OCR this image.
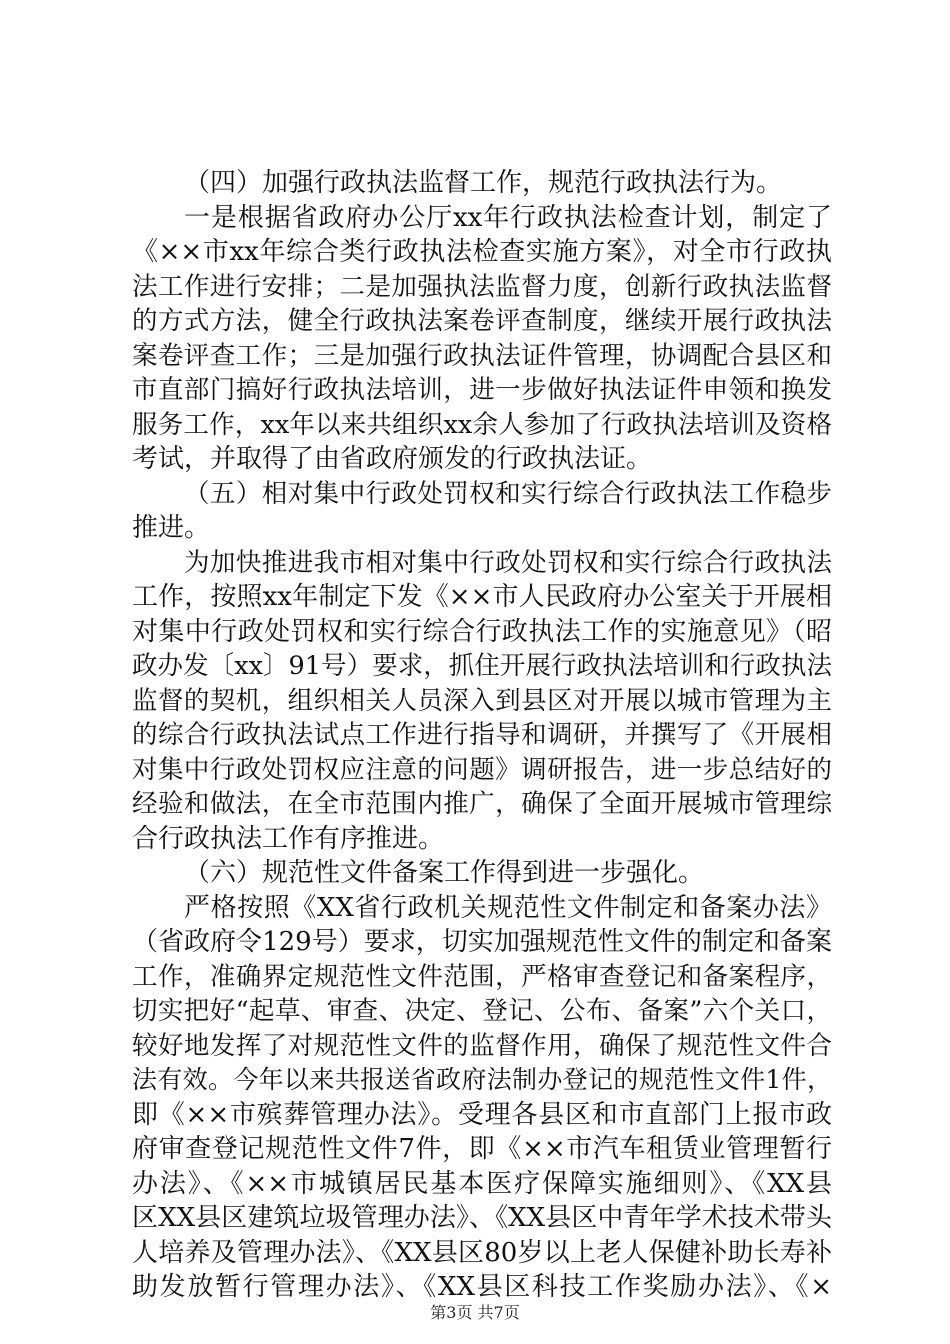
（四）加强行政执法监督工作，规范行政执法行为。
一是根据省政府办公厅xx年行政执法检查计划，制定了
《××市xx年综合类行政执法检查实施方案》，对全市行政执
法工作进行安排；二是加强执法监督力度，创新行政执法监督
的方式方法，健全行政执法案卷评查制度，继续开展行政执法
案卷评查工作；三是加强行政执法证件管理，协调配合县区和
市直部门搞好行政执法培训，进一步做好执法证件申领和换发
服务工作，xx年以来共组织xx余人参加了行政执法培训及资格
考试，并取得了由省政府颁发的行政执法证。
（五）相对集中行政处罚权和实行综合行政执法工作稳步
推进。
为加快推进我市相对集中行政处罚权和实行综合行政执法
工作，按照xx年制定下发《××市人民政府办公室关于开展相
对集中行政处罚权和实行综合行政执法工作的实施意见》（昭
政办发〔xx〕91号）要求，抓住开展行政执法培训和行政执法
监督的契机，组织相关人员深入到县区对开展以城市管理为主
的综合行政执法试点工作进行指导和调研，并撰写了《开展相
对集中行政处罚权应注意的问题》调研报告，进一步总结好的
经验和做法，在全市范围内推广，确保了全面开展城市管理综
合行政执法工作有序推进。
（六）规范性文件备案工作得到进一步强化。
严格按照《XX省行政机关规范性文件制定和备案办法》
（省政府令129号）要求，切实加强规范性文件的制定和备案
工作，准确界定规范性文件范围，严格审查登记和备案程序，
切实把好“起草、审查、决定、登记、公布、备案”六个关口，
较好地发挥了对规范性文件的监督作用，确保了规范性文件合
法有效。今年以来共报送省政府法制办登记的规范性文件1件，
即《××市殡葬管理办法》。受理各县区和市直部门上报市政
府审查登记规范性文件7件，即《××市汽车租赁业管理暂行
办法》、《××市城镇居民基本医疗保障实施细则》、《XX县
区XX县区建筑垃圾管理办法》、《XX县区中青年学术技术带头
人培养及管理办法》、《XX县区80岁以上老人保健补助长寿补
助发放暂行管理办法》、《XX县区科技工作奖励办法》、《×
第3页 共7页
